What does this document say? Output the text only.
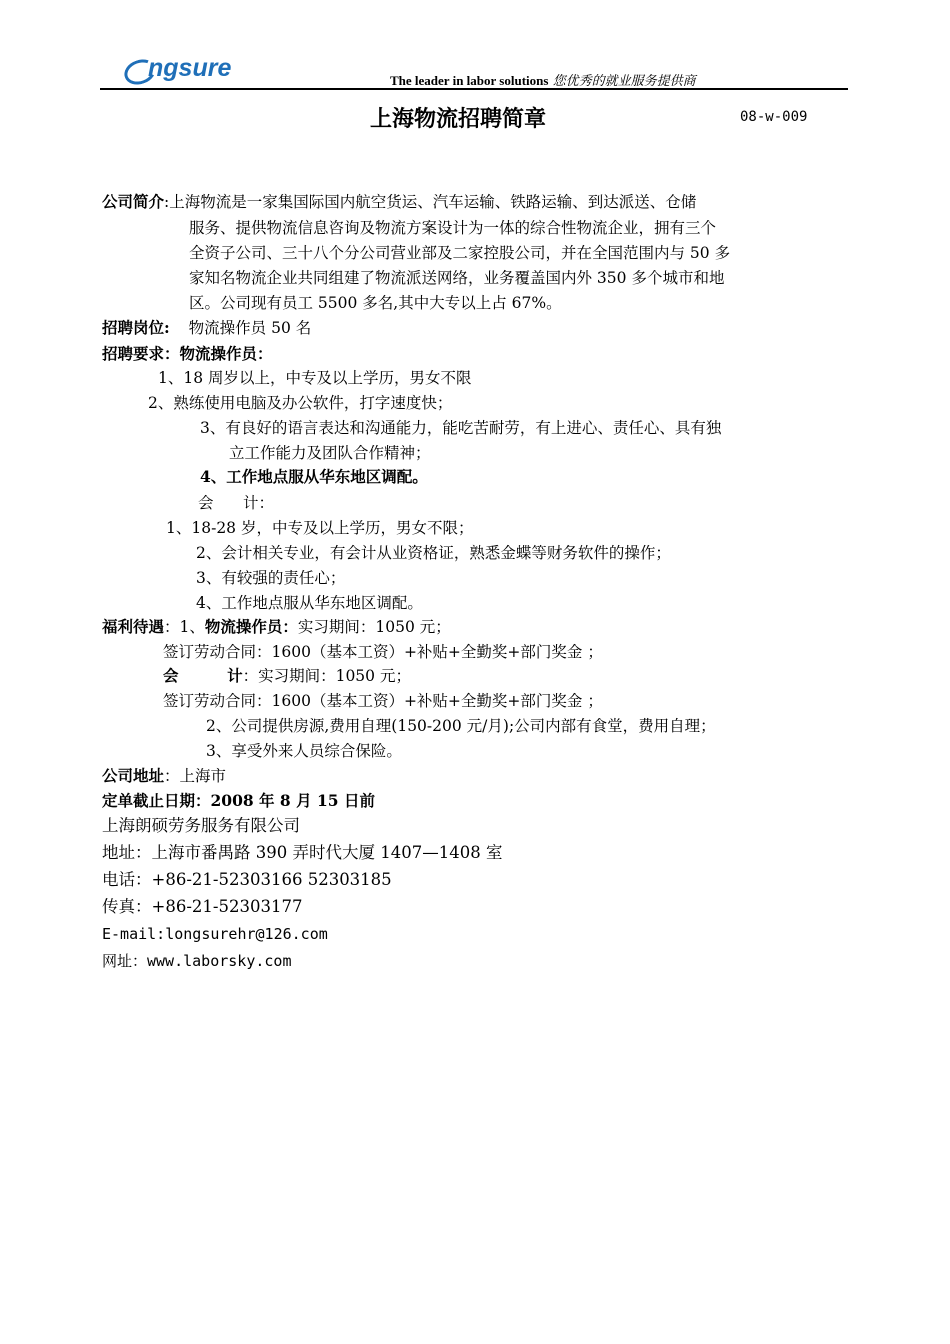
ngsure	The leader in labor solutions 您优秀的就业服务提供商
上海物流招聘简章	08-w-009
公司简介:上海物流是一家集国际国内航空货运、汽车运输、铁路运输、到达派送、仓储
服务、提供物流信息咨询及物流方案设计为一体的综合性物流企业，拥有三个
全资子公司、三十八个分公司营业部及二家控股公司，并在全国范围内与 50 多
家知名物流企业共同组建了物流派送网络，业务覆盖国内外 350 多个城市和地
区。公司现有员工 5500 多名,其中大专以上占 67%。
招聘岗位: 物流操作员 50 名
招聘要求：物流操作员：
1、18 周岁以上，中专及以上学历，男女不限
2、熟练使用电脑及办公软件，打字速度快；
3、有良好的语言表达和沟通能力，能吃苦耐劳，有上进心、责任心、具有独
立工作能力及团队合作精神；
4、工作地点服从华东地区调配。
会      计：
1、18-28 岁，中专及以上学历，男女不限；
2、会计相关专业，有会计从业资格证，熟悉金蝶等财务软件的操作；
3、有较强的责任心；
4、工作地点服从华东地区调配。
福利待遇：1、物流操作员：实习期间：1050 元；
签订劳动合同：1600（基本工资）+补贴+全勤奖+部门奖金 ；
会         计：实习期间：1050 元；
签订劳动合同：1600（基本工资）+补贴+全勤奖+部门奖金 ；
2、公司提供房源,费用自理(150-200 元/月);公司内部有食堂，费用自理；
3、享受外来人员综合保险。
公司地址：上海市
定单截止日期：2008 年 8 月 15 日前
上海朗硕劳务服务有限公司
地址：上海市番禺路 390 弄时代大厦 1407—1408 室
电话：+86-21-52303166 52303185
传真：+86-21-52303177
E-mail:longsurehr@126.com
网址：www.laborsky.com
